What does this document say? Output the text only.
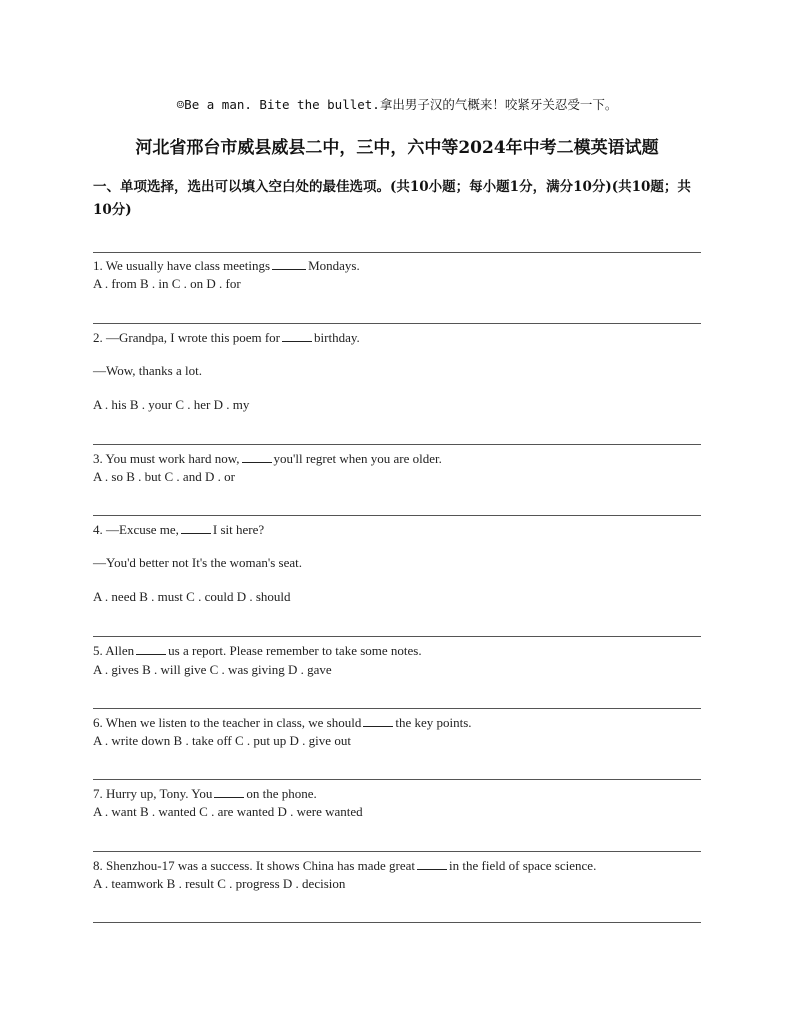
☺Be a man. Bite the bullet.拿出男子汉的气概来！咬紧牙关忍受一下。
河北省邢台市威县威县二中，三中，六中等2024年中考二模英语试题
一、单项选择，选出可以填入空白处的最佳选项。(共10小题；每小题1分，满分10分)(共10题；共10分)
1. We usually have class meetings	Mondays.
A . from B . in C . on D . for
2. —Grandpa, I wrote this poem for	birthday.
—Wow, thanks a lot.
A . his B . your C . her D . my
3. You must work hard now,	you'll regret when you are older.
A . so B . but C . and D . or
4. —Excuse me,	I sit here?
—You'd better not It's the woman's seat.
A . need B . must C . could D . should
5. Allen	us a report. Please remember to take some notes.
A . gives B . will give C . was giving D . gave
6. When we listen to the teacher in class, we should	the key points.
A . write down B . take off C . put up D . give out
7. Hurry up, Tony. You	on the phone.
A . want B . wanted C . are wanted D . were wanted
8. Shenzhou-17 was a success. It shows China has made great	in the field of space science.
A . teamwork B . result C . progress D . decision
